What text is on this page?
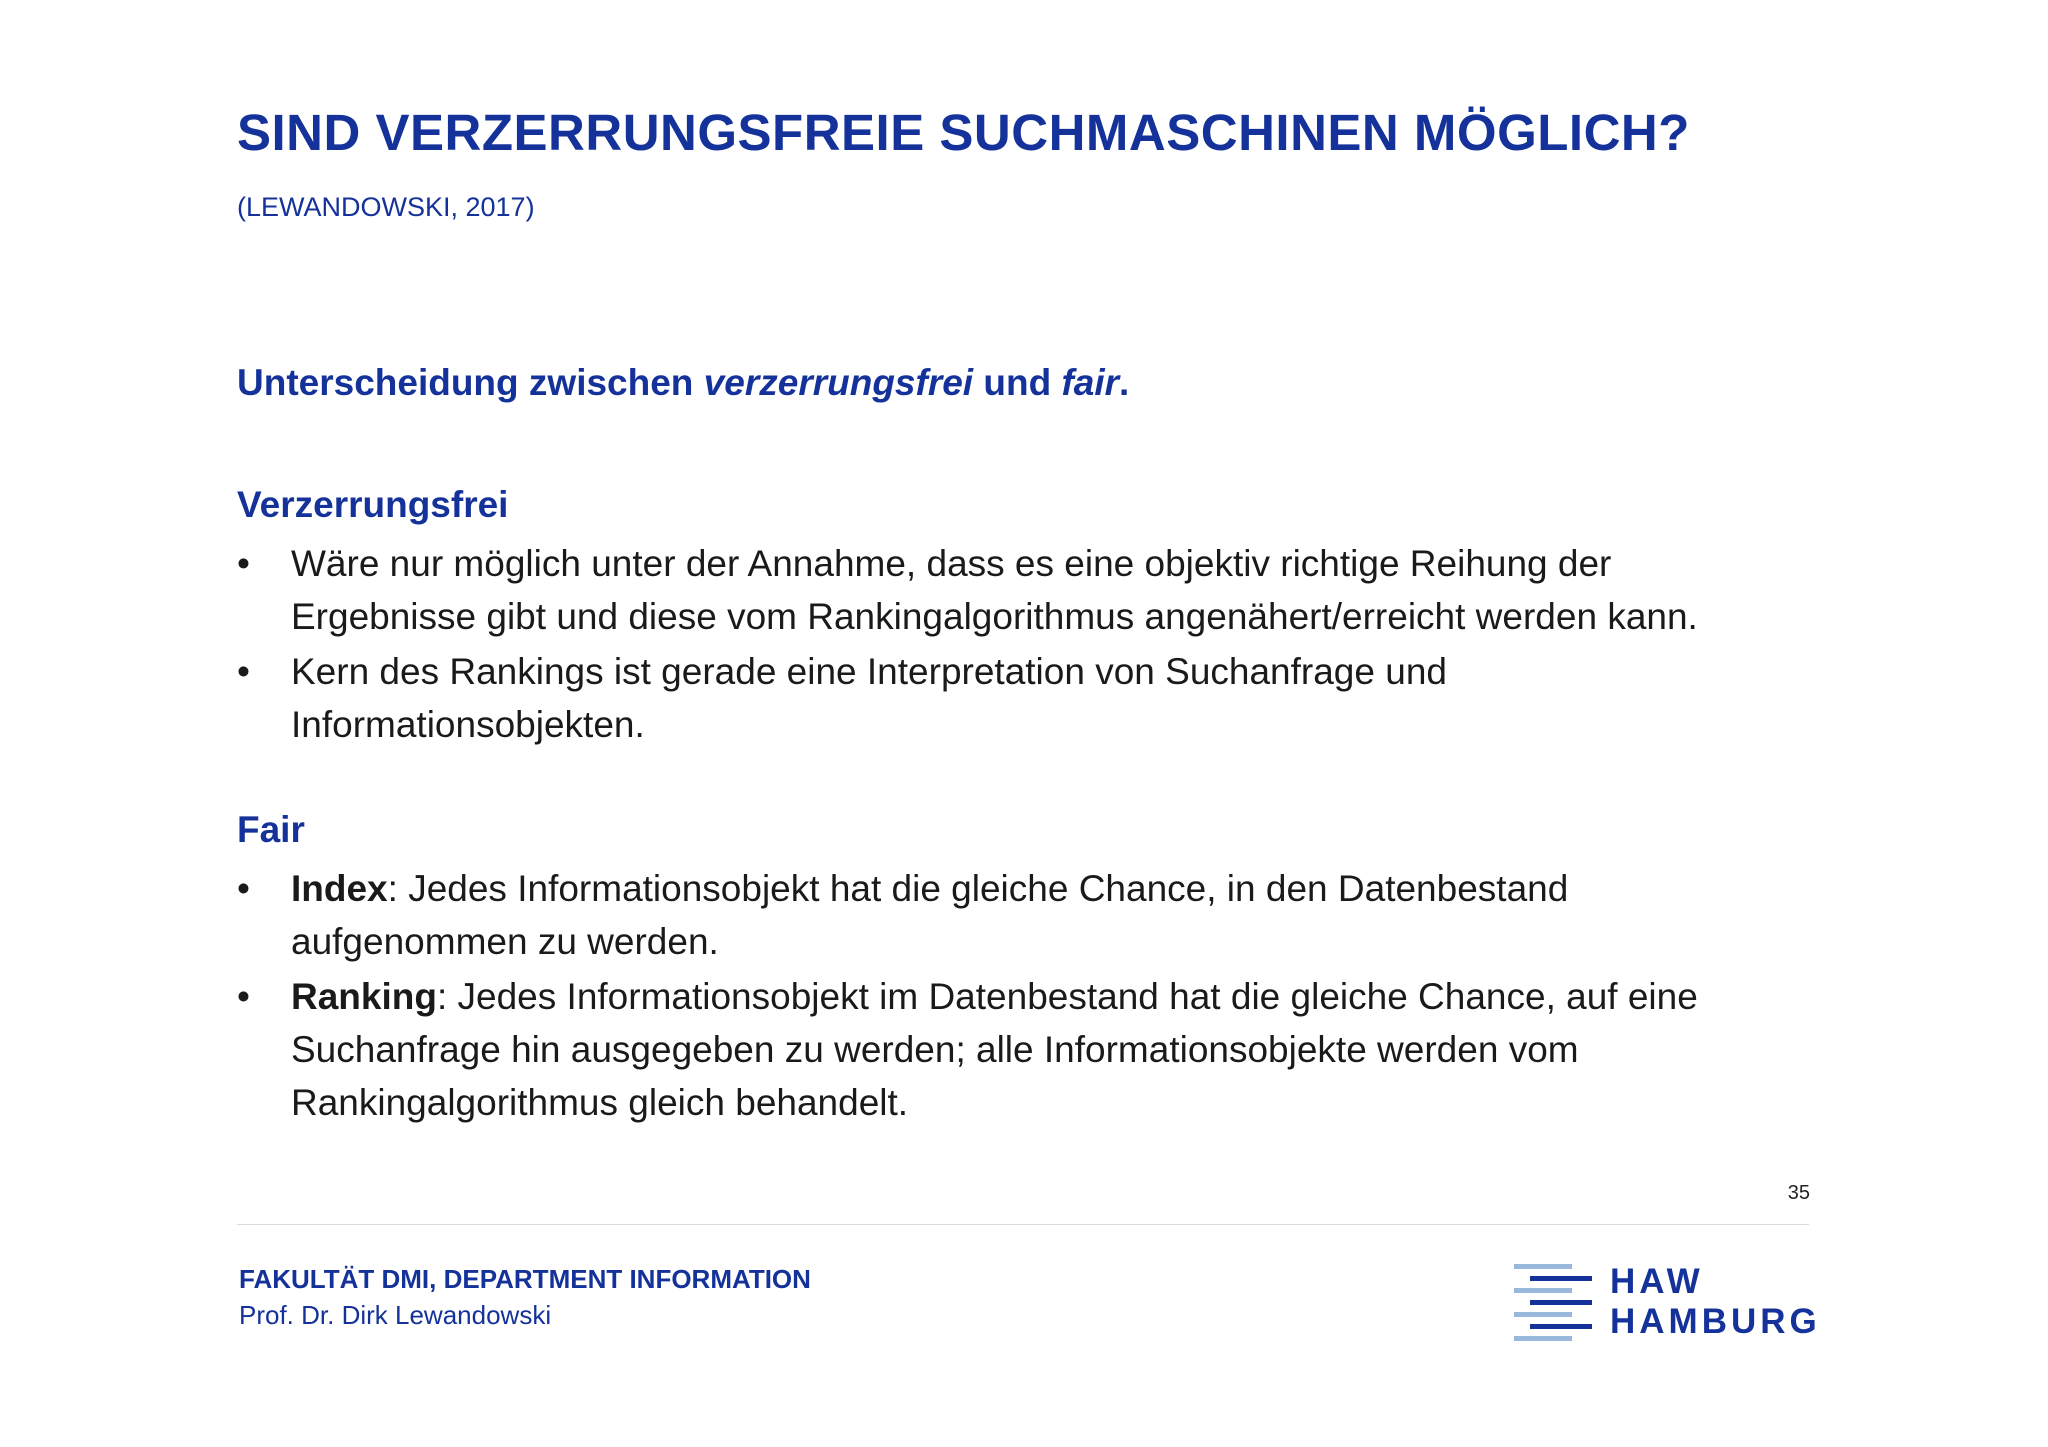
SIND VERZERRUNGSFREIE SUCHMASCHINEN MÖGLICH?
(LEWANDOWSKI, 2017)
Unterscheidung zwischen verzerrungsfrei und fair.
Verzerrungsfrei
• Wäre nur möglich unter der Annahme, dass es eine objektiv richtige Reihung der Ergebnisse gibt und diese vom Rankingalgorithmus angenähert/erreicht werden kann.
• Kern des Rankings ist gerade eine Interpretation von Suchanfrage und Informationsobjekten.
Fair
• Index: Jedes Informationsobjekt hat die gleiche Chance, in den Datenbestand aufgenommen zu werden.
• Ranking: Jedes Informationsobjekt im Datenbestand hat die gleiche Chance, auf eine Suchanfrage hin ausgegeben zu werden; alle Informationsobjekte werden vom Rankingalgorithmus gleich behandelt.
35
FAKULTÄT DMI, DEPARTMENT INFORMATION
Prof. Dr. Dirk Lewandowski
HAW
HAMBURG
